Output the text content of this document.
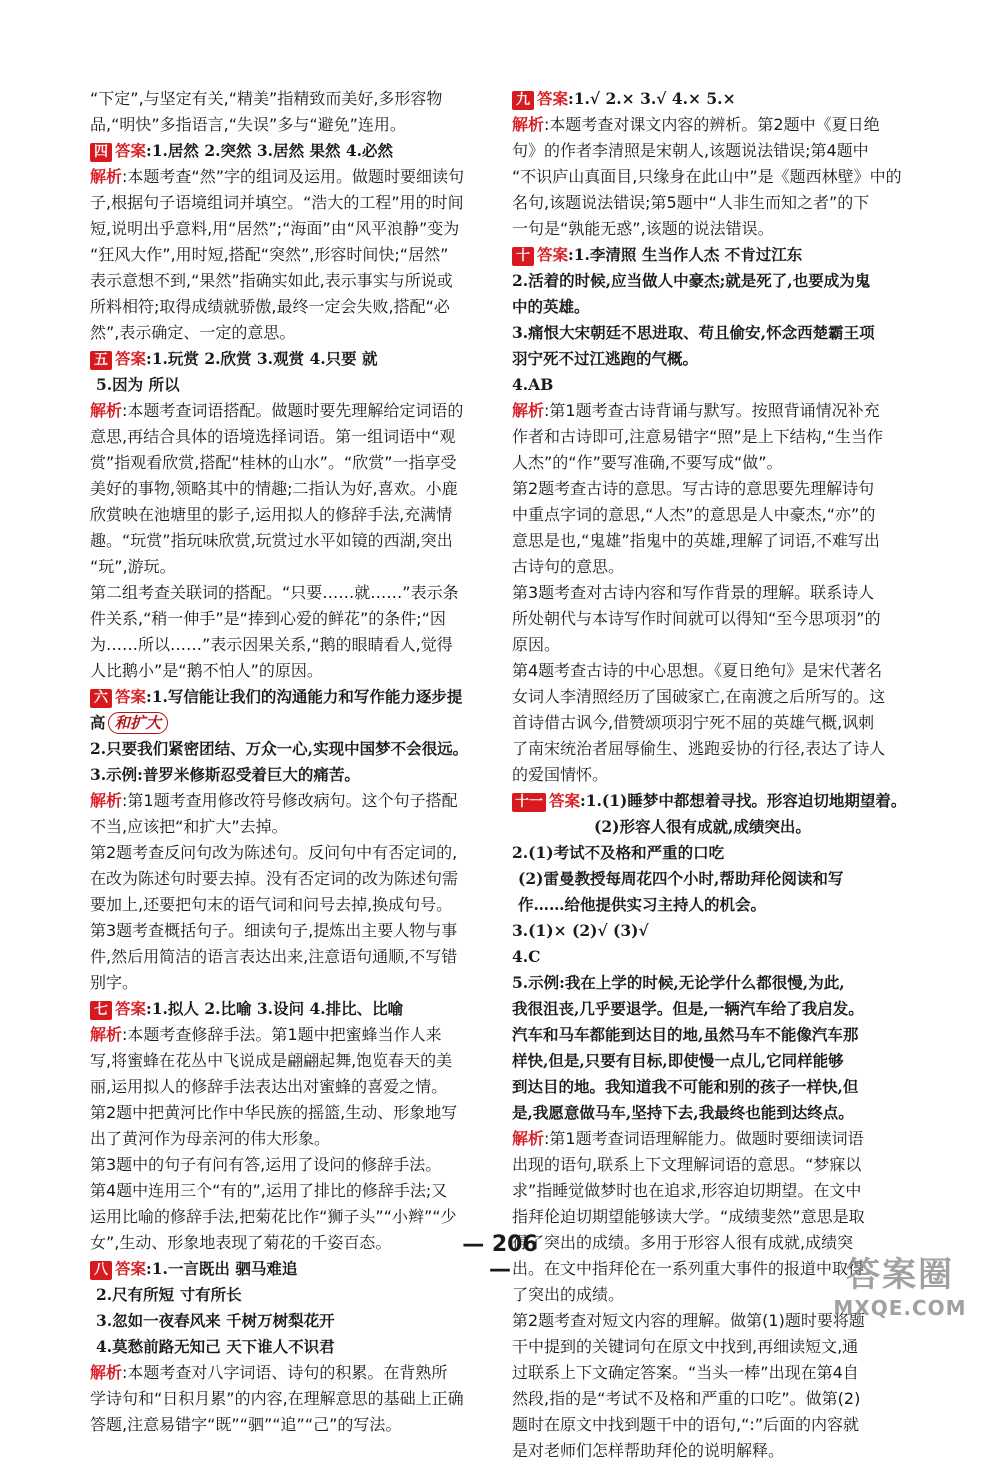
“下定”,与坚定有关,“精美”指精致而美好,多形容物
品,“明快”多指语言,“失误”多与“避免”连用。
四 答案:1.居然 2.突然 3.居然 果然 4.必然
解析:本题考查“然”字的组词及运用。做题时要细读句
子,根据句子语境组词并填空。“浩大的工程”用的时间
短,说明出乎意料,用“居然”;“海面”由“风平浪静”变为
“狂风大作”,用时短,搭配“突然”,形容时间快;“居然”
表示意想不到,“果然”指确实如此,表示事实与所说或
所料相符;取得成绩就骄傲,最终一定会失败,搭配“必
然”,表示确定、一定的意思。
五 答案:1.玩赏 2.欣赏 3.观赏 4.只要 就
5.因为 所以
解析:本题考查词语搭配。做题时要先理解给定词语的
意思,再结合具体的语境选择词语。第一组词语中“观
赏”指观看欣赏,搭配“桂林的山水”。“欣赏”一指享受
美好的事物,领略其中的情趣;二指认为好,喜欢。小鹿
欣赏映在池塘里的影子,运用拟人的修辞手法,充满情
趣。“玩赏”指玩味欣赏,玩赏过水平如镜的西湖,突出
“玩”,游玩。
第二组考查关联词的搭配。“只要……就……”表示条
件关系,“稍一伸手”是“捧到心爱的鲜花”的条件;“因
为……所以……”表示因果关系,“鹅的眼睛看人,觉得
人比鹅小”是“鹅不怕人”的原因。
六 答案:1.写信能让我们的沟通能力和写作能力逐步提
高 和扩大
2.只要我们紧密团结、万众一心,实现中国梦不会很远。
3.示例:普罗米修斯忍受着巨大的痛苦。
解析:第1题考查用修改符号修改病句。这个句子搭配
不当,应该把“和扩大”去掉。
第2题考查反问句改为陈述句。反问句中有否定词的,
在改为陈述句时要去掉。没有否定词的改为陈述句需
要加上,还要把句末的语气词和问号去掉,换成句号。
第3题考查概括句子。细读句子,提炼出主要人物与事
件,然后用简洁的语言表达出来,注意语句通顺,不写错
别字。
七 答案:1.拟人 2.比喻 3.设问 4.排比、比喻
解析:本题考查修辞手法。第1题中把蜜蜂当作人来
写,将蜜蜂在花丛中飞说成是翩翩起舞,饱览春天的美
丽,运用拟人的修辞手法表达出对蜜蜂的喜爱之情。
第2题中把黄河比作中华民族的摇篮,生动、形象地写
出了黄河作为母亲河的伟大形象。
第3题中的句子有问有答,运用了设问的修辞手法。
第4题中连用三个“有的”,运用了排比的修辞手法;又
运用比喻的修辞手法,把菊花比作“狮子头”“小辫”“少
女”,生动、形象地表现了菊花的千姿百态。
八 答案:1.一言既出 驷马难追
2.尺有所短 寸有所长
3.忽如一夜春风来 千树万树梨花开
4.莫愁前路无知己 天下谁人不识君
解析:本题考查对八字词语、诗句的积累。在背熟所
学诗句和“日积月累”的内容,在理解意思的基础上正确
答题,注意易错字“既”“驷”“追”“己”的写法。
九 答案:1.√ 2.× 3.√ 4.× 5.×
解析:本题考查对课文内容的辨析。第2题中《夏日绝
句》的作者李清照是宋朝人,该题说法错误;第4题中
“不识庐山真面目,只缘身在此山中”是《题西林壁》中的
名句,该题说法错误;第5题中“人非生而知之者”的下
一句是“孰能无惑”,该题的说法错误。
十 答案:1.李清照 生当作人杰 不肯过江东
2.活着的时候,应当做人中豪杰;就是死了,也要成为鬼
中的英雄。
3.痛恨大宋朝廷不思进取、苟且偷安,怀念西楚霸王项
羽宁死不过江逃跑的气概。
4.AB
解析:第1题考查古诗背诵与默写。按照背诵情况补充
作者和古诗即可,注意易错字“照”是上下结构,“生当作
人杰”的“作”要写准确,不要写成“做”。
第2题考查古诗的意思。写古诗的意思要先理解诗句
中重点字词的意思,“人杰”的意思是人中豪杰,“亦”的
意思是也,“鬼雄”指鬼中的英雄,理解了词语,不难写出
古诗句的意思。
第3题考查对古诗内容和写作背景的理解。联系诗人
所处朝代与本诗写作时间就可以得知“至今思项羽”的
原因。
第4题考查古诗的中心思想。《夏日绝句》是宋代著名
女词人李清照经历了国破家亡,在南渡之后所写的。这
首诗借古讽今,借赞颂项羽宁死不屈的英雄气概,讽刺
了南宋统治者屈辱偷生、逃跑妥协的行径,表达了诗人
的爱国情怀。
十一 答案:1.(1)睡梦中都想着寻找。形容迫切地期望着。
(2)形容人很有成就,成绩突出。
2.(1)考试不及格和严重的口吃
(2)雷曼教授每周花四个小时,帮助拜伦阅读和写
作……给他提供实习主持人的机会。
3.(1)× (2)√ (3)√
4.C
5.示例:我在上学的时候,无论学什么都很慢,为此,
我很沮丧,几乎要退学。但是,一辆汽车给了我启发。
汽车和马车都能到达目的地,虽然马车不能像汽车那
样快,但是,只要有目标,即使慢一点儿,它同样能够
到达目的地。我知道我不可能和别的孩子一样快,但
是,我愿意做马车,坚持下去,我最终也能到达终点。
解析:第1题考查词语理解能力。做题时要细读词语
出现的语句,联系上下文理解词语的意思。“梦寐以
求”指睡觉做梦时也在追求,形容迫切期望。在文中
指拜伦迫切期望能够读大学。“成绩斐然”意思是取
得了突出的成绩。多用于形容人很有成就,成绩突
出。在文中指拜伦在一系列重大事件的报道中取得
了突出的成绩。
第2题考查对短文内容的理解。做第(1)题时要将题
干中提到的关键词句在原文中找到,再细读短文,通
过联系上下文确定答案。“当头一棒”出现在第4自
然段,指的是“考试不及格和严重的口吃”。做第(2)
题时在原文中找到题干中的语句,“:”后面的内容就
是对老师们怎样帮助拜伦的说明解释。
— 206 —	答案圈
MXQE.COM
